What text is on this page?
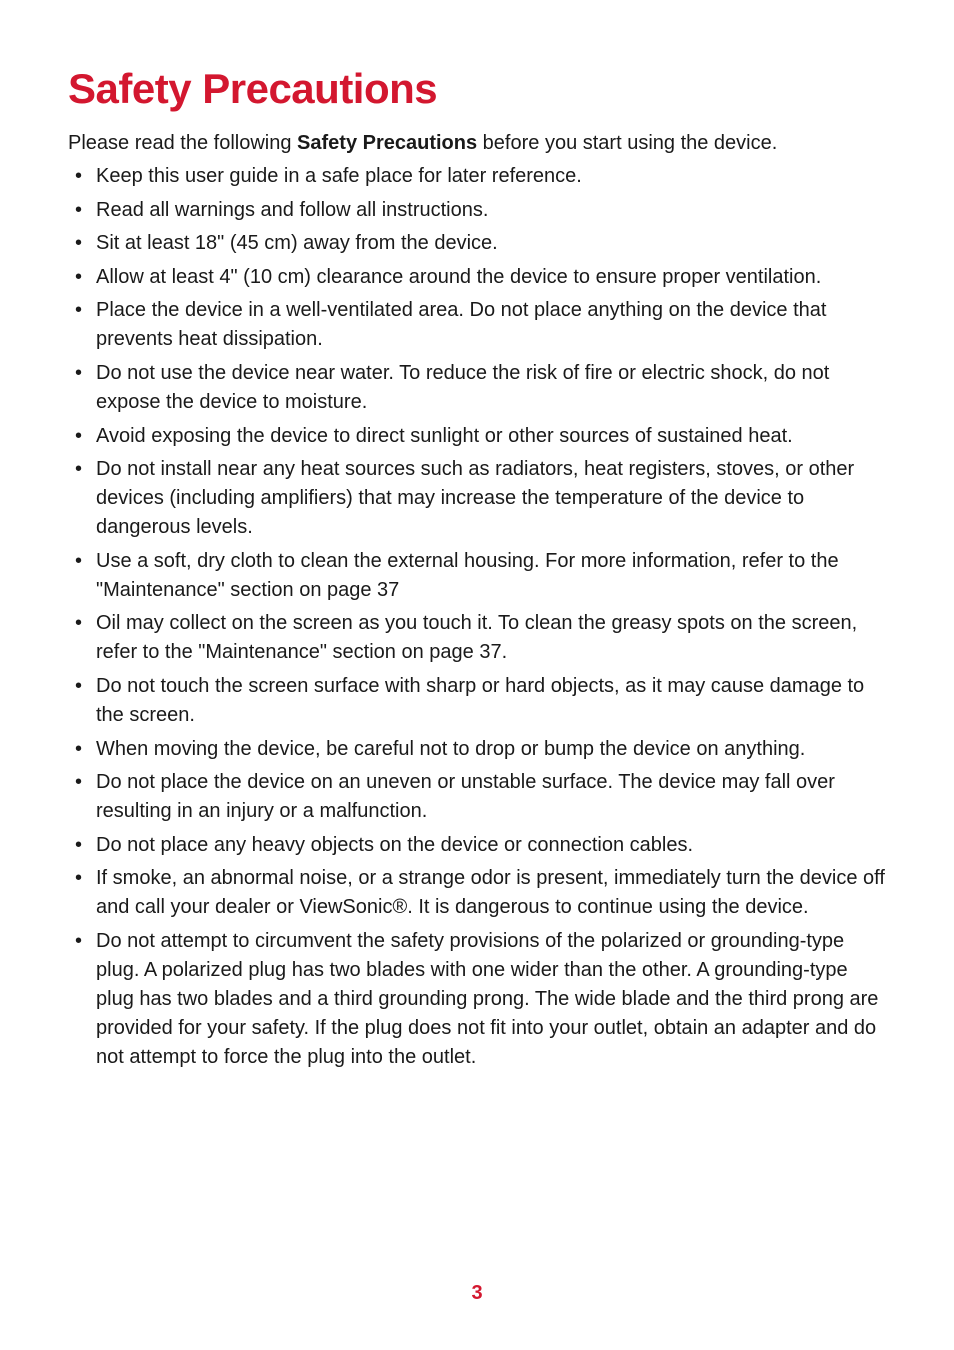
Safety Precautions

Please read the following Safety Precautions before you start using the device.

• Keep this user guide in a safe place for later reference.
• Read all warnings and follow all instructions.
• Sit at least 18" (45 cm) away from the device.
• Allow at least 4" (10 cm) clearance around the device to ensure proper ventilation.
• Place the device in a well-ventilated area. Do not place anything on the device that prevents heat dissipation.
• Do not use the device near water. To reduce the risk of fire or electric shock, do not expose the device to moisture.
• Avoid exposing the device to direct sunlight or other sources of sustained heat.
• Do not install near any heat sources such as radiators, heat registers, stoves, or other devices (including amplifiers) that may increase the temperature of the device to dangerous levels.
• Use a soft, dry cloth to clean the external housing. For more information, refer to the "Maintenance" section on page 37
• Oil may collect on the screen as you touch it. To clean the greasy spots on the screen, refer to the "Maintenance" section on page 37.
• Do not touch the screen surface with sharp or hard objects, as it may cause damage to the screen.
• When moving the device, be careful not to drop or bump the device on anything.
• Do not place the device on an uneven or unstable surface. The device may fall over resulting in an injury or a malfunction.
• Do not place any heavy objects on the device or connection cables.
• If smoke, an abnormal noise, or a strange odor is present, immediately turn the device off and call your dealer or ViewSonic®. It is dangerous to continue using the device.
• Do not attempt to circumvent the safety provisions of the polarized or grounding-type plug. A polarized plug has two blades with one wider than the other. A grounding-type plug has two blades and a third grounding prong. The wide blade and the third prong are provided for your safety. If the plug does not fit into your outlet, obtain an adapter and do not attempt to force the plug into the outlet.
3
